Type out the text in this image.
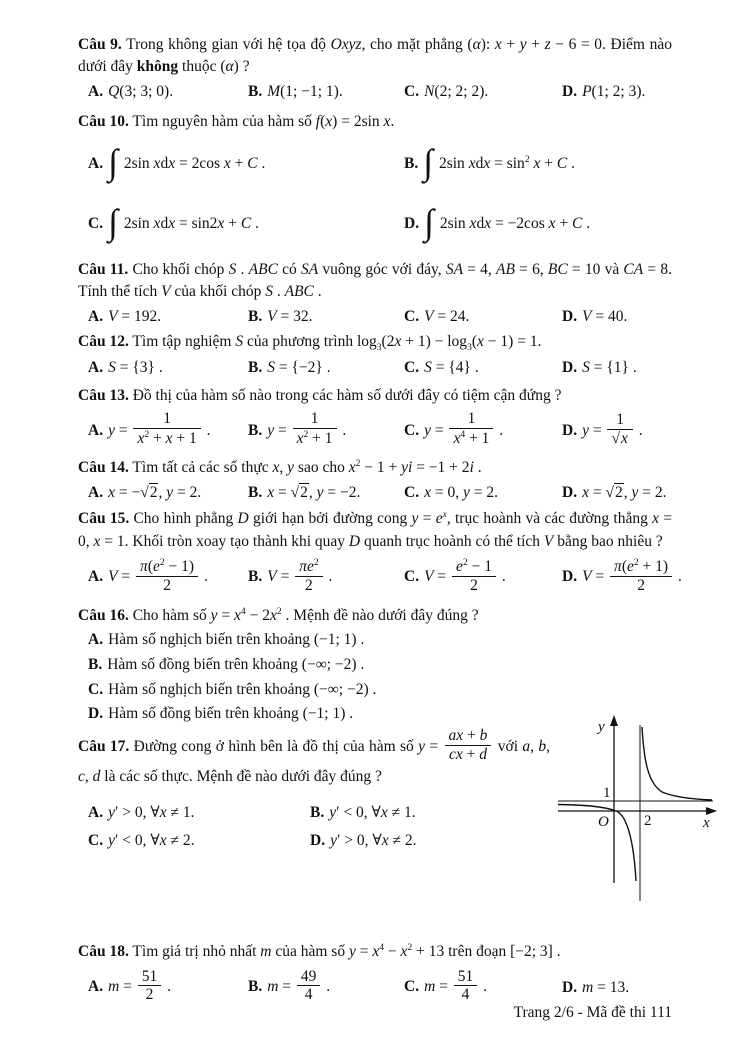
Câu 9. Trong không gian với hệ tọa độ Oxyz, cho mặt phẳng (α): x + y + z − 6 = 0. Điểm nào dưới đây không thuộc (α) ?

A. Q(3; 3; 0).	B. M(1; −1; 1).	C. N(2; 2; 2).	D. P(1; 2; 3).

Câu 10. Tìm nguyên hàm của hàm số f(x) = 2sin x.

A. ∫ 2sin xdx = 2cos x + C .	B. ∫ 2sin xdx = $\sin^2 x + C$ .
C. ∫ 2sin xdx = sin2x + C .	D. ∫ 2sin xdx = −2cos x + C .

Câu 11. Cho khối chóp S . ABC có SA vuông góc với đáy, SA = 4, AB = 6, BC = 10 và CA = 8. Tính thể tích V của khối chóp S . ABC .

A. V = 192.	B. V = 32.	C. V = 24.	D. V = 40.

Câu 12. Tìm tập nghiệm S của phương trình $\log_3(2x + 1) - \log_3(x - 1) = 1$.

A. S = {3} .	B. S = {−2} .	C. S = {4} .	D. S = {1} .

Câu 13. Đồ thị của hàm số nào trong các hàm số dưới đây có tiệm cận đứng ?

A. $y = \frac{1}{x^2 + x + 1}$ .	B. $y = \frac{1}{x^2 + 1}$ .	C. $y = \frac{1}{x^4 + 1}$ .	D. $y = \frac{1}{√x}$ .

Câu 14. Tìm tất cả các số thực x, y sao cho $x^2 - 1$ + yi = −1 + 2i .

A. x = −√2, y = 2.	B. x = √2, y = −2.	C. x = 0, y = 2.	D. x = √2, y = 2.

Câu 15. Cho hình phẳng D giới hạn bởi đường cong $y = e^x$, trục hoành và các đường thẳng x = 0, x = 1. Khối tròn xoay tạo thành khi quay D quanh trục hoành có thể tích V bằng bao nhiêu ?

A. $V = \frac{\pi(e^2 - 1)}{2}$ .	B. $V = \frac{\pi e^2}{2}$ .	C. $V = \frac{e^2 - 1}{2}$ .	D. $V = \frac{\pi(e^2 + 1)}{2}$ .

Câu 16. Cho hàm số $y = x^4 - 2x^2$ . Mệnh đề nào dưới đây đúng ?

A. Hàm số nghịch biến trên khoảng (−1; 1) .
B. Hàm số đồng biến trên khoảng (−∞; −2) .
C. Hàm số nghịch biến trên khoảng (−∞; −2) .
D. Hàm số đồng biến trên khoảng (−1; 1) .

Câu 17. Đường cong ở hình bên là đồ thị của hàm số $y = \frac{ax + b}{cx + d}$ với a, b, c, d là các số thực. Mệnh đề nào dưới đây đúng ?

A. y′ > 0, ∀x ≠ 1.	B. y′ < 0, ∀x ≠ 1.
C. y′ < 0, ∀x ≠ 2.	D. y′ > 0, ∀x ≠ 2.
y
x
O
1
2

Câu 18. Tìm giá trị nhỏ nhất m của hàm số $y = x^4 - x^2 + 13$ trên đoạn [−2; 3] .

A. $m = \frac{51}{2}$ .	B. $m = \frac{49}{4}$ .	C. $m = \frac{51}{4}$ .	D. m = 13.
Trang 2/6 - Mã đề thi 111
